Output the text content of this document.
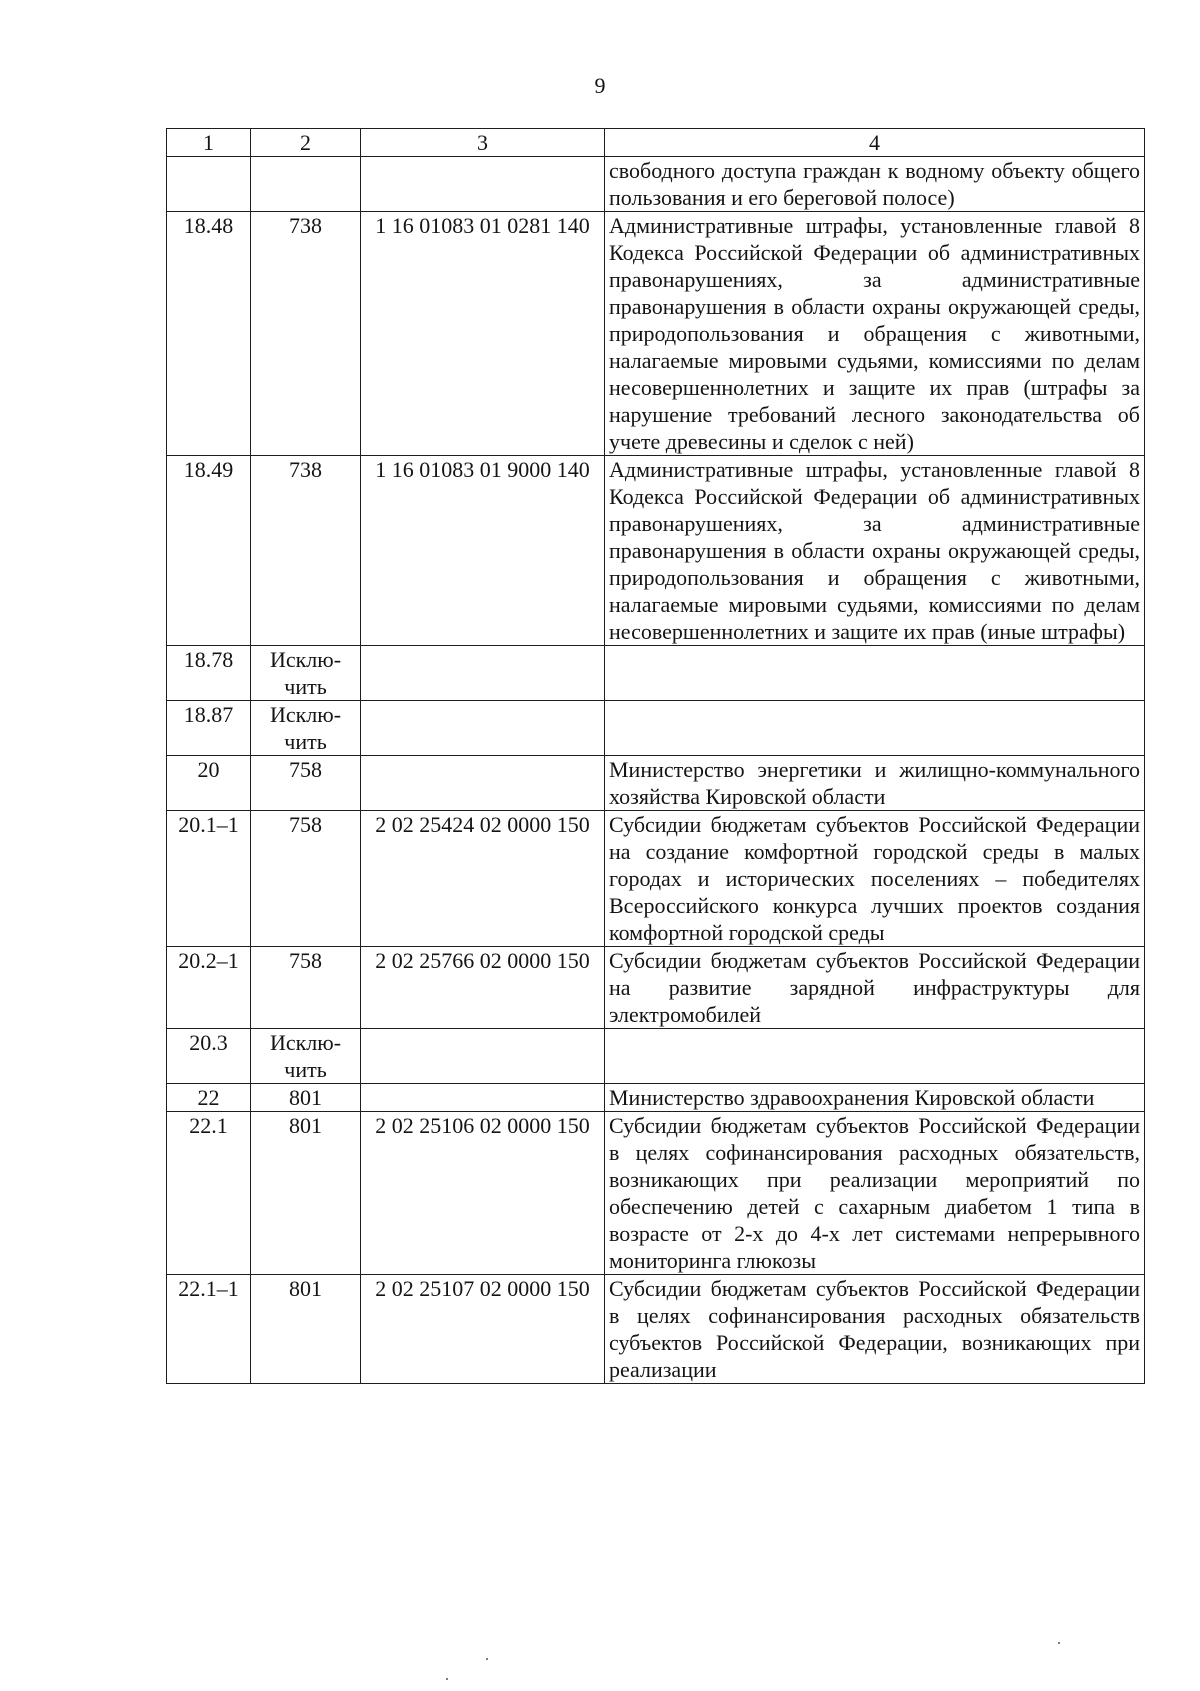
9
1	2	3	4
			свободного доступа граждан к водному объекту общего пользования и его береговой полосе)
18.48	738	1 16 01083 01 0281 140	Административные штрафы, установленные главой 8 Кодекса Российской Федерации об административных правонарушениях, за административные правонарушения в области охраны окружающей среды, природопользования и обращения с животными, налагаемые мировыми судьями, комиссиями по делам несовершеннолетних и защите их прав (штрафы за нарушение требований лесного законодательства об учете древесины и сделок с ней)
18.49	738	1 16 01083 01 9000 140	Административные штрафы, установленные главой 8 Кодекса Российской Федерации об административных правонарушениях, за административные правонарушения в области охраны окружающей среды, природопользования и обращения с животными, налагаемые мировыми судьями, комиссиями по делам несовершеннолетних и защите их прав (иные штрафы)
18.78	Исклю-чить		
18.87	Исклю-чить		
20	758		Министерство энергетики и жилищно-коммунального хозяйства Кировской области
20.1–1	758	2 02 25424 02 0000 150	Субсидии бюджетам субъектов Российской Федерации на создание комфортной городской среды в малых городах и исторических поселениях – победителях Всероссийского конкурса лучших проектов создания комфортной городской среды
20.2–1	758	2 02 25766 02 0000 150	Субсидии бюджетам субъектов Российской Федерации на развитие зарядной инфраструктуры для электромобилей
20.3	Исклю-чить		
22	801		Министерство здравоохранения Кировской области
22.1	801	2 02 25106 02 0000 150	Субсидии бюджетам субъектов Российской Федерации в целях софинансирования расходных обязательств, возникающих при реализации мероприятий по обеспечению детей с сахарным диабетом 1 типа в возрасте от 2-х до 4-х лет системами непрерывного мониторинга глюкозы
22.1–1	801	2 02 25107 02 0000 150	Субсидии бюджетам субъектов Российской Федерации в целях софинансирования расходных обязательств субъектов Российской Федерации, возникающих при реализации
